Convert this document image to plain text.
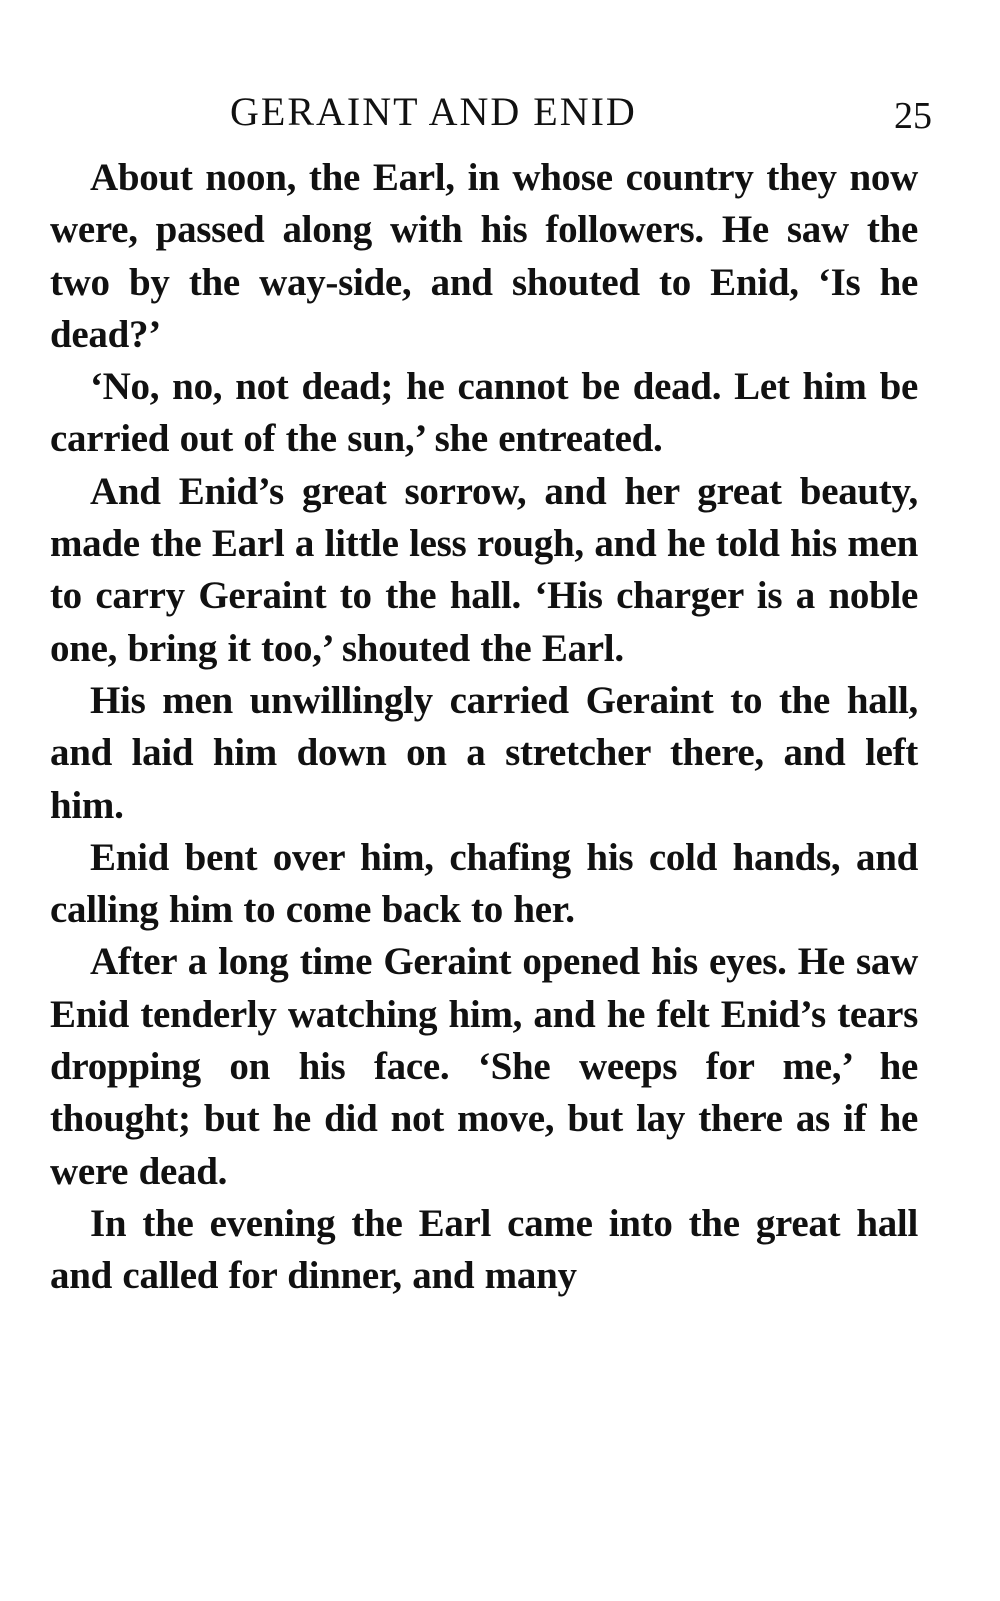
GERAINT AND ENID	25

About noon, the Earl, in whose country they now were, passed along with his followers. He saw the two by the way-side, and shouted to Enid, ‘Is he dead?’

‘No, no, not dead; he cannot be dead. Let him be carried out of the sun,’ she entreated.

And Enid’s great sorrow, and her great beauty, made the Earl a little less rough, and he told his men to carry Geraint to the hall. ‘His charger is a noble one, bring it too,’ shouted the Earl.

His men unwillingly carried Geraint to the hall, and laid him down on a stretcher there, and left him.

Enid bent over him, chafing his cold hands, and calling him to come back to her.

After a long time Geraint opened his eyes. He saw Enid tenderly watching him, and he felt Enid’s tears dropping on his face. ‘She weeps for me,’ he thought; but he did not move, but lay there as if he were dead.

In the evening the Earl came into the great hall and called for dinner, and many
